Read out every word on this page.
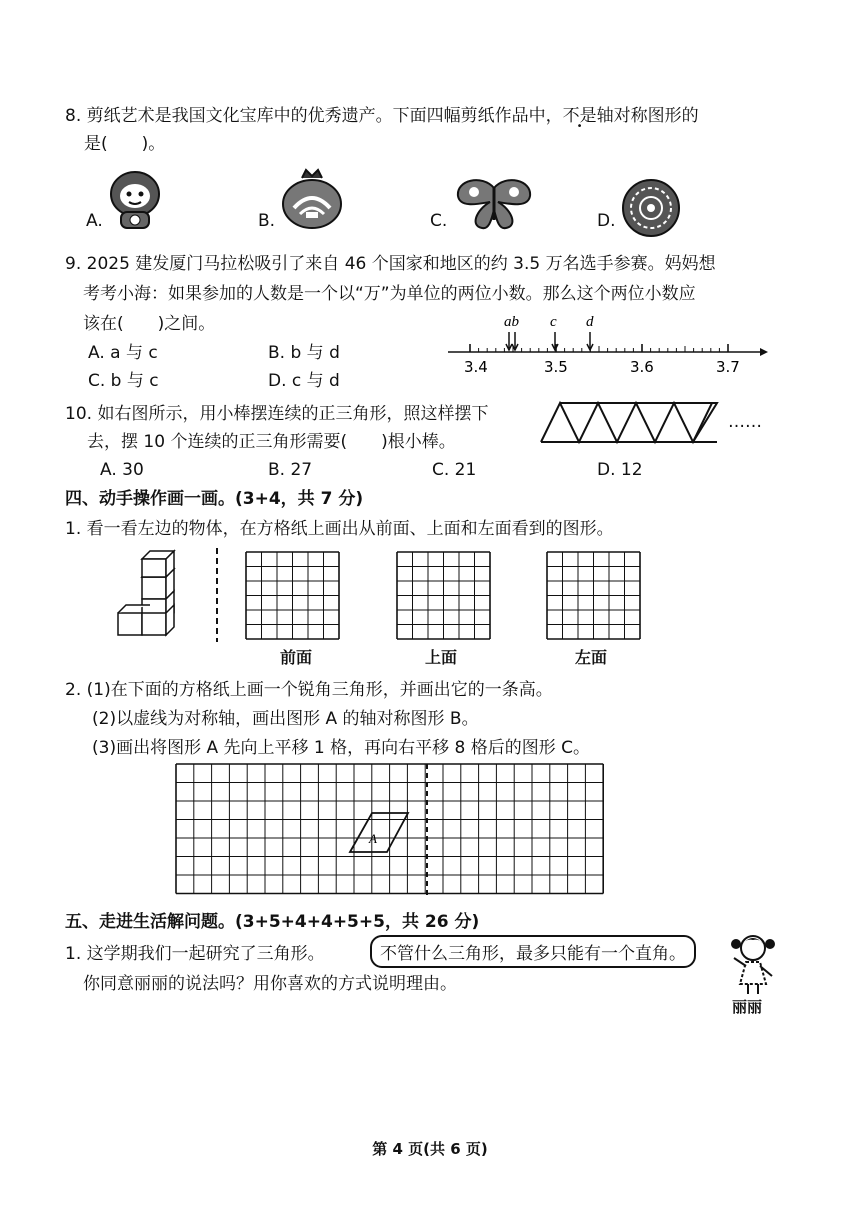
8. 剪纸艺术是我国文化宝库中的优秀遗产。下面四幅剪纸作品中，不是轴对称图形的
是(　　)。
A.	B.	C.	D.
9. 2025 建发厦门马拉松吸引了来自 46 个国家和地区的约 3.5 万名选手参赛。妈妈想
考考小海：如果参加的人数是一个以“万”为单位的两位小数。那么这个两位小数应
该在(　　)之间。
A. a 与 c	B. b 与 d
C. b 与 c	D. c 与 d
ab c d
3.4	3.5	3.6	3.7
10. 如右图所示，用小棒摆连续的正三角形，照这样摆下
去，摆 10 个连续的正三角形需要(　　)根小棒。
A. 30	B. 27	C. 21	D. 12
……
四、动手操作画一画。(3+4，共 7 分)
1. 看一看左边的物体，在方格纸上画出从前面、上面和左面看到的图形。
前面	上面	左面
2. (1)在下面的方格纸上画一个锐角三角形，并画出它的一条高。
(2)以虚线为对称轴，画出图形 A 的轴对称图形 B。
(3)画出将图形 A 先向上平移 1 格，再向右平移 8 格后的图形 C。
A
五、走进生活解问题。(3+5+4+4+5+5，共 26 分)
1. 这学期我们一起研究了三角形。	不管什么三角形，最多只能有一个直角。
你同意丽丽的说法吗？用你喜欢的方式说明理由。
丽丽
第 4 页(共 6 页)
